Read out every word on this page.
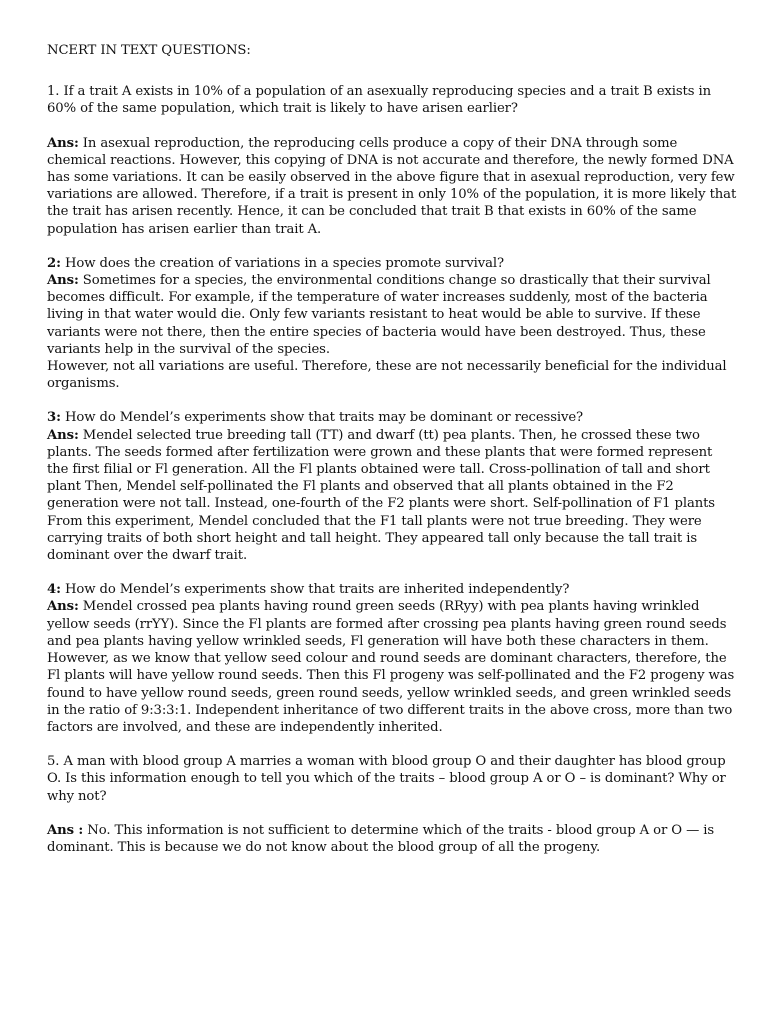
NCERT IN TEXT QUESTIONS:

1. If a trait A exists in 10% of a population of an asexually reproducing species and a trait B exists in 60% of the same population, which trait is likely to have arisen earlier?

Ans: In asexual reproduction, the reproducing cells produce a copy of their DNA through some chemical reactions. However, this copying of DNA is not accurate and therefore, the newly formed DNA has some variations. It can be easily observed in the above figure that in asexual reproduction, very few variations are allowed. Therefore, if a trait is present in only 10% of the population, it is more likely that the trait has arisen recently. Hence, it can be concluded that trait B that exists in 60% of the same population has arisen earlier than trait A.

2: How does the creation of variations in a species promote survival?

Ans: Sometimes for a species, the environmental conditions change so drastically that their survival becomes difficult. For example, if the temperature of water increases suddenly, most of the bacteria living in that water would die. Only few variants resistant to heat would be able to survive. If these variants were not there, then the entire species of bacteria would have been destroyed. Thus, these variants help in the survival of the species.

However, not all variations are useful. Therefore, these are not necessarily beneficial for the individual organisms.

3: How do Mendel’s experiments show that traits may be dominant or recessive?

Ans: Mendel selected true breeding tall (TT) and dwarf (tt) pea plants. Then, he crossed these two plants. The seeds formed after fertilization were grown and these plants that were formed represent the first filial or Fl generation. All the Fl plants obtained were tall. Cross-pollination of tall and short plant Then, Mendel self-pollinated the Fl plants and observed that all plants obtained in the F2 generation were not tall. Instead, one-fourth of the F2 plants were short. Self-pollination of F1 plants From this experiment, Mendel concluded that the F1 tall plants were not true breeding. They were carrying traits of both short height and tall height. They appeared tall only because the tall trait is dominant over the dwarf trait.

4: How do Mendel’s experiments show that traits are inherited independently?

Ans: Mendel crossed pea plants having round green seeds (RRyy) with pea plants having wrinkled yellow seeds (rrYY). Since the Fl plants are formed after crossing pea plants having green round seeds and pea plants having yellow wrinkled seeds, Fl generation will have both these characters in them. However, as we know that yellow seed colour and round seeds are dominant characters, therefore, the Fl plants will have yellow round seeds. Then this Fl progeny was self-pollinated and the F2 progeny was found to have yellow round seeds, green round seeds, yellow wrinkled seeds, and green wrinkled seeds in the ratio of 9:3:3:1. Independent inheritance of two different traits in the above cross, more than two factors are involved, and these are independently inherited.

5. A man with blood group A marries a woman with blood group O and their daughter has blood group O. Is this information enough to tell you which of the traits – blood group A or O – is dominant? Why or why not?

Ans : No. This information is not sufficient to determine which of the traits - blood group A or O — is dominant. This is because we do not know about the blood group of all the progeny.
